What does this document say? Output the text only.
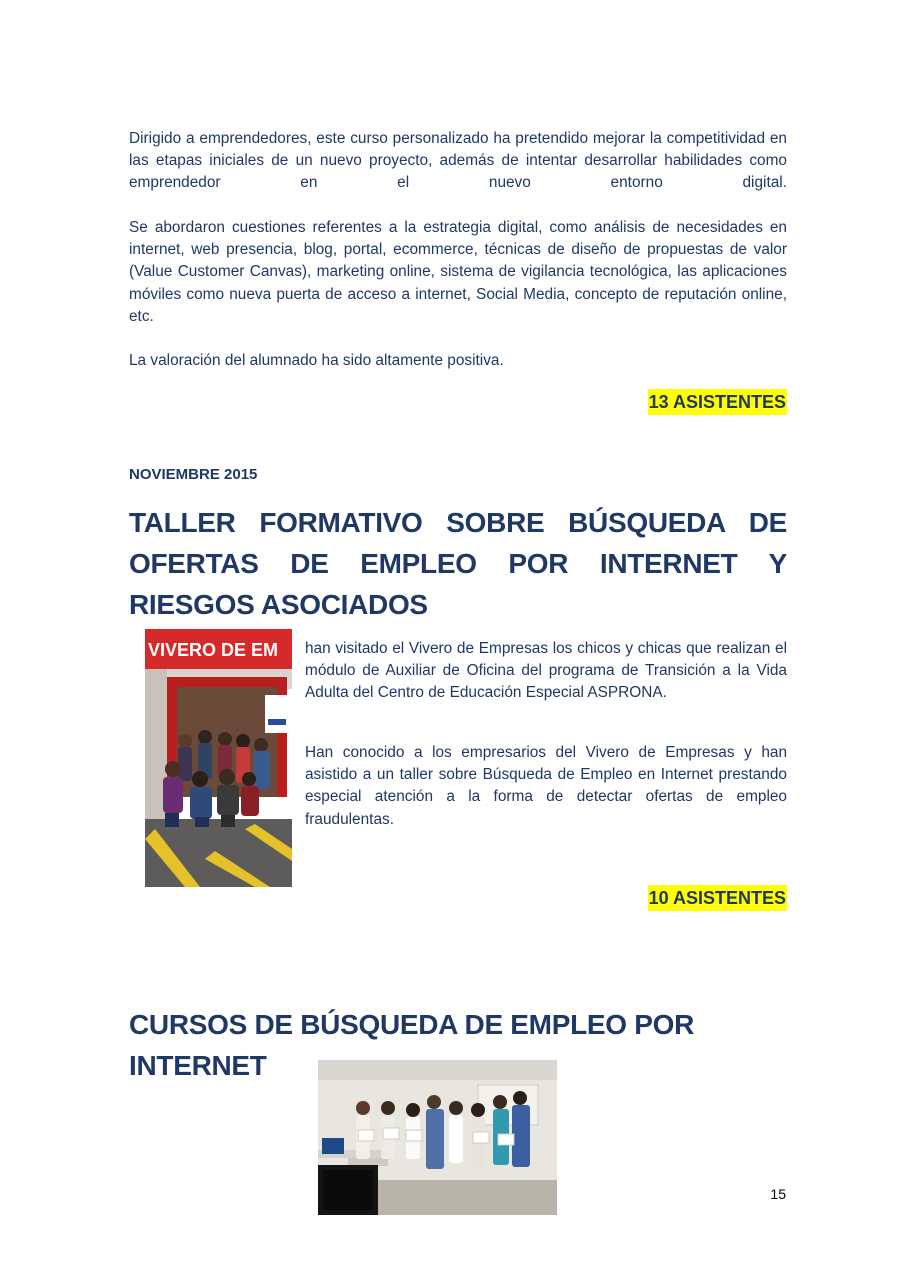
Dirigido a emprendedores, este curso personalizado ha pretendido mejorar la competitividad en las etapas iniciales de un nuevo proyecto, además de intentar desarrollar habilidades como emprendedor en el nuevo entorno digital.

Se abordaron cuestiones referentes a la estrategia digital, como análisis de necesidades en internet, web presencia, blog, portal, ecommerce, técnicas de diseño de propuestas de valor (Value Customer Canvas), marketing online, sistema de vigilancia tecnológica, las aplicaciones móviles como nueva puerta de acceso a internet, Social Media, concepto de reputación online, etc.

La valoración del alumnado ha sido altamente positiva.

13 ASISTENTES

NOVIEMBRE 2015

TALLER FORMATIVO SOBRE BÚSQUEDA DE OFERTAS DE EMPLEO POR INTERNET Y RIESGOS ASOCIADOS
VIVERO DE EM han visitado el Vivero de Empresas los chicos y chicas que realizan el módulo de Auxiliar de Oficina del programa de Transición a la Vida Adulta del Centro de Educación Especial ASPRONA.

Han conocido a los empresarios del Vivero de Empresas y han asistido a un taller sobre Búsqueda de Empleo en Internet prestando especial atención a la forma de detectar ofertas de empleo fraudulentas.

10 ASISTENTES
CURSOS DE BÚSQUEDA DE EMPLEO POR INTERNET
15
